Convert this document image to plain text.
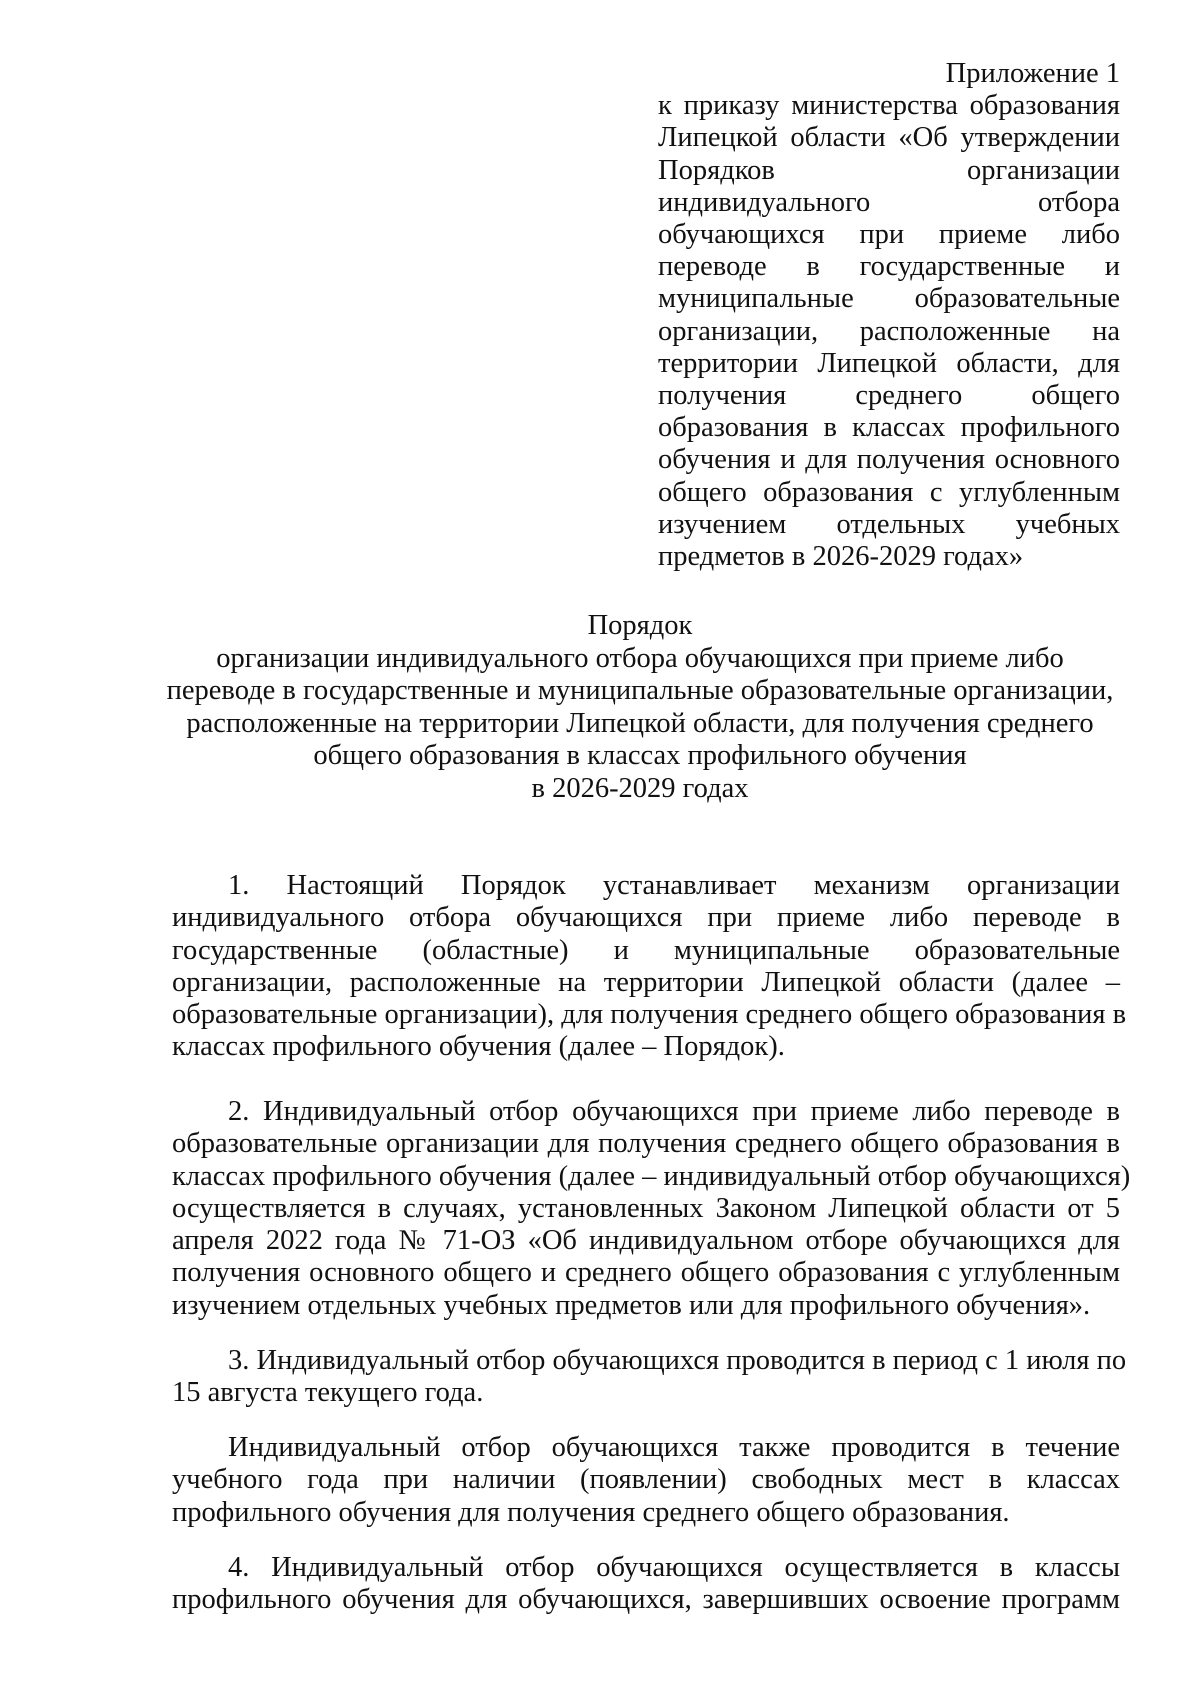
Приложение 1
к приказу министерства образования
Липецкой области «Об утверждении
Порядков организации
индивидуального отбора
обучающихся при приеме либо
переводе в государственные и
муниципальные образовательные
организации, расположенные на
территории Липецкой области, для
получения среднего общего
образования в классах профильного
обучения и для получения основного
общего образования с углубленным
изучением отдельных учебных
предметов в 2026-2029 годах»
Порядок
организации индивидуального отбора обучающихся при приеме либо
переводе в государственные и муниципальные образовательные организации,
расположенные на территории Липецкой области, для получения среднего
общего образования в классах профильного обучения
в 2026-2029 годах
1. Настоящий Порядок устанавливает механизм организации
индивидуального отбора обучающихся при приеме либо переводе в
государственные (областные) и муниципальные образовательные
организации, расположенные на территории Липецкой области (далее –
образовательные организации), для получения среднего общего образования в
классах профильного обучения (далее – Порядок).
2. Индивидуальный отбор обучающихся при приеме либо переводе в
образовательные организации для получения среднего общего образования в
классах профильного обучения (далее – индивидуальный отбор обучающихся)
осуществляется в случаях, установленных Законом Липецкой области от 5
апреля 2022 года № 71-ОЗ «Об индивидуальном отборе обучающихся для
получения основного общего и среднего общего образования с углубленным
изучением отдельных учебных предметов или для профильного обучения».
3. Индивидуальный отбор обучающихся проводится в период с 1 июля по
15 августа текущего года.
Индивидуальный отбор обучающихся также проводится в течение
учебного года при наличии (появлении) свободных мест в классах
профильного обучения для получения среднего общего образования.
4. Индивидуальный отбор обучающихся осуществляется в классы
профильного обучения для обучающихся, завершивших освоение программ
